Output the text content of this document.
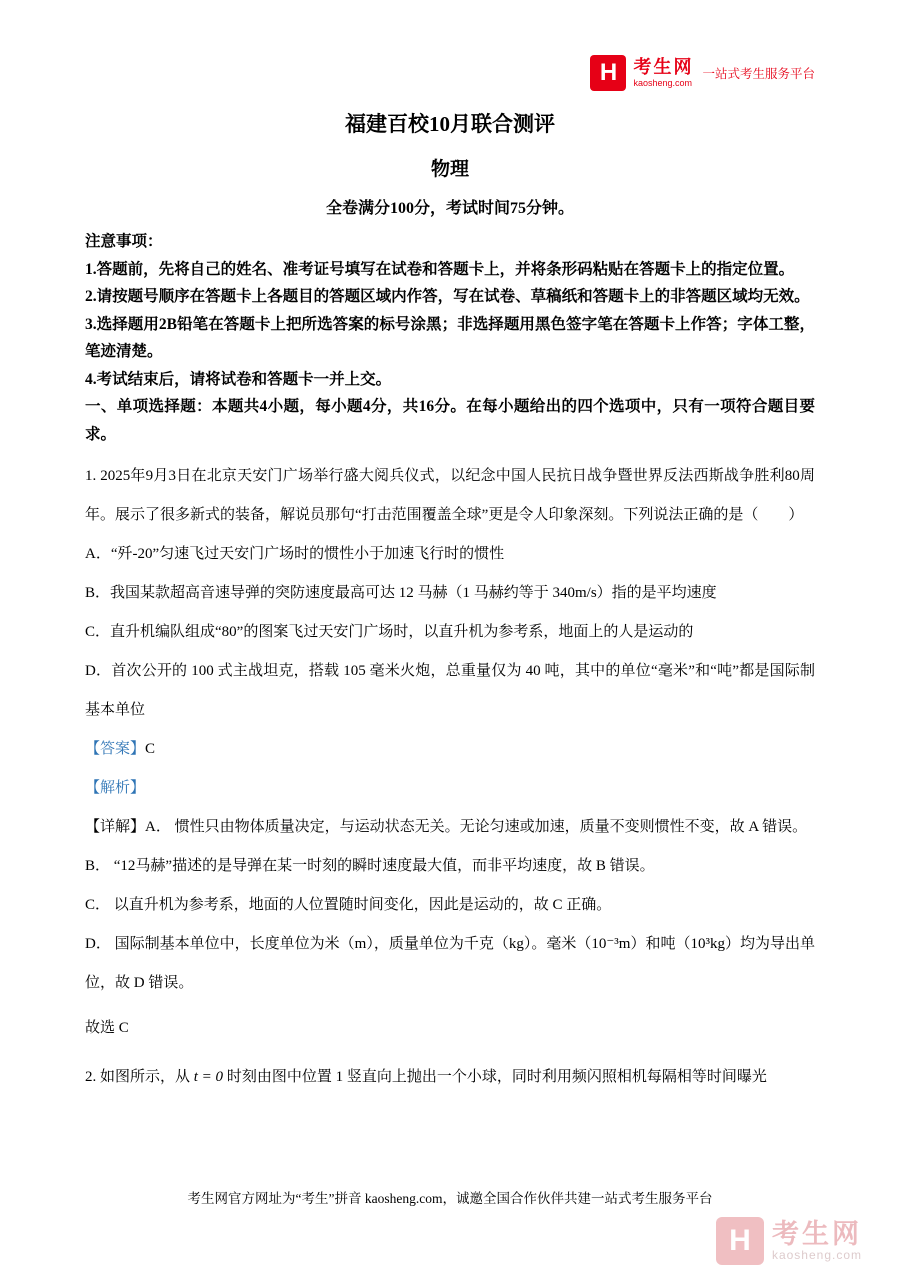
H 考生网
kaosheng.com
一站式考生服务平台
福建百校10月联合测评
物理

全卷满分100分，考试时间75分钟。

注意事项：

1.答题前，先将自己的姓名、准考证号填写在试卷和答题卡上，并将条形码粘贴在答题卡上的指定位置。

2.请按题号顺序在答题卡上各题目的答题区域内作答，写在试卷、草稿纸和答题卡上的非答题区域均无效。

3.选择题用2B铅笔在答题卡上把所选答案的标号涂黑；非选择题用黑色签字笔在答题卡上作答；字体工整，笔迹清楚。

4.考试结束后，请将试卷和答题卡一并上交。

一、单项选择题：本题共4小题，每小题4分，共16分。在每小题给出的四个选项中，只有一项符合题目要求。

1. 2025年9月3日在北京天安门广场举行盛大阅兵仪式，以纪念中国人民抗日战争暨世界反法西斯战争胜利80周年。展示了很多新式的装备，解说员那句“打击范围覆盖全球”更是令人印象深刻。下列说法正确的是（　　）

A．“歼-20”匀速飞过天安门广场时的惯性小于加速飞行时的惯性

B．我国某款超高音速导弹的突防速度最高可达 12 马赫（1 马赫约等于 340m/s）指的是平均速度

C．直升机编队组成“80”的图案飞过天安门广场时，以直升机为参考系，地面上的人是运动的

D．首次公开的 100 式主战坦克，搭载 105 毫米火炮，总重量仅为 40 吨，其中的单位“毫米”和“吨”都是国际制基本单位

【答案】C

【解析】

【详解】A． 惯性只由物体质量决定，与运动状态无关。无论匀速或加速，质量不变则惯性不变，故 A 错误。

B． “12马赫”描述的是导弹在某一时刻的瞬时速度最大值，而非平均速度，故 B 错误。

C． 以直升机为参考系，地面的人位置随时间变化，因此是运动的，故 C 正确。

D． 国际制基本单位中，长度单位为米（m），质量单位为千克（kg）。毫米（10⁻³m）和吨（10³kg）均为导出单位，故 D 错误。

故选 C

2. 如图所示，从 t = 0 时刻由图中位置 1 竖直向上抛出一个小球，同时利用频闪照相机每隔相等时间曝光

考生网官方网址为“考生”拼音 kaosheng.com，诚邀全国合作伙伴共建一站式考生服务平台
H 考生网
kaosheng.com
